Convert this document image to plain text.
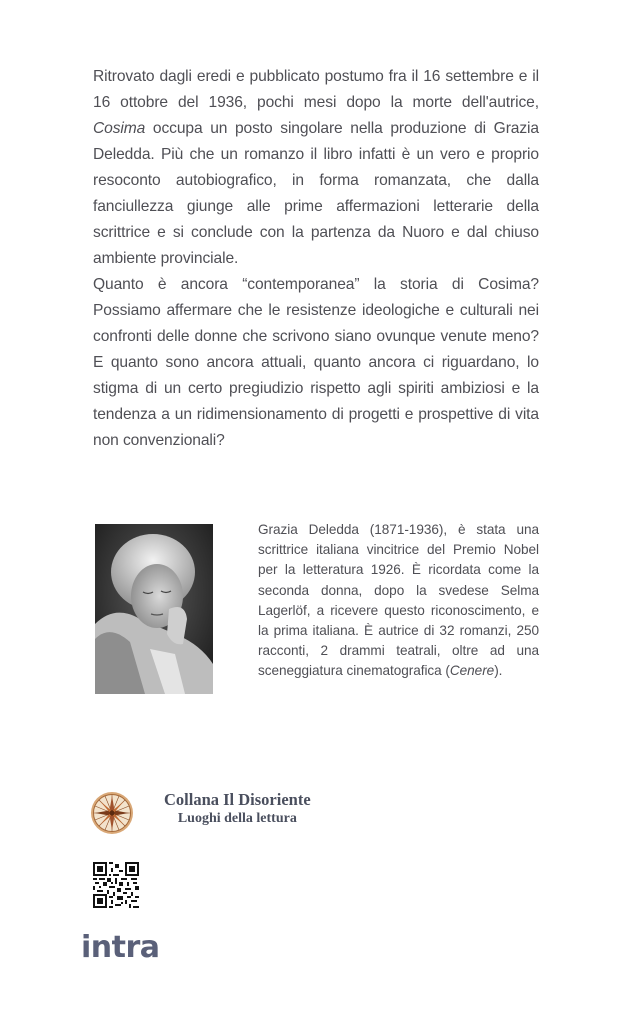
Ritrovato dagli eredi e pubblicato postumo fra il 16 settembre e il 16 ottobre del 1936, pochi mesi dopo la morte dell'autrice, Cosima occupa un posto singolare nella produzione di Grazia Deledda. Più che un romanzo il libro infatti è un vero e proprio resoconto autobiografico, in forma romanzata, che dalla fanciullezza giunge alle prime affermazioni letterarie della scrittrice e si conclude con la partenza da Nuoro e dal chiuso ambiente provinciale.

Quanto è ancora “contemporanea” la storia di Cosima? Possiamo affermare che le resistenze ideologiche e culturali nei confronti delle donne che scrivono siano ovunque venute meno? E quanto sono ancora attuali, quanto ancora ci riguardano, lo stigma di un certo pregiudizio rispetto agli spiriti ambiziosi e la tendenza a un ridimensionamento di progetti e prospettive di vita non convenzionali?

Grazia Deledda (1871-1936), è stata una scrittrice italiana vincitrice del Premio Nobel per la letteratura 1926. È ricordata come la seconda donna, dopo la svedese Selma Lagerlöf, a ricevere questo riconoscimento, e la prima italiana. È autrice di 32 romanzi, 250 racconti, 2 drammi teatrali, oltre ad una sceneggiatura cinematografica (Cenere).

Collana Il Disoriente
Luoghi della lettura
intra
